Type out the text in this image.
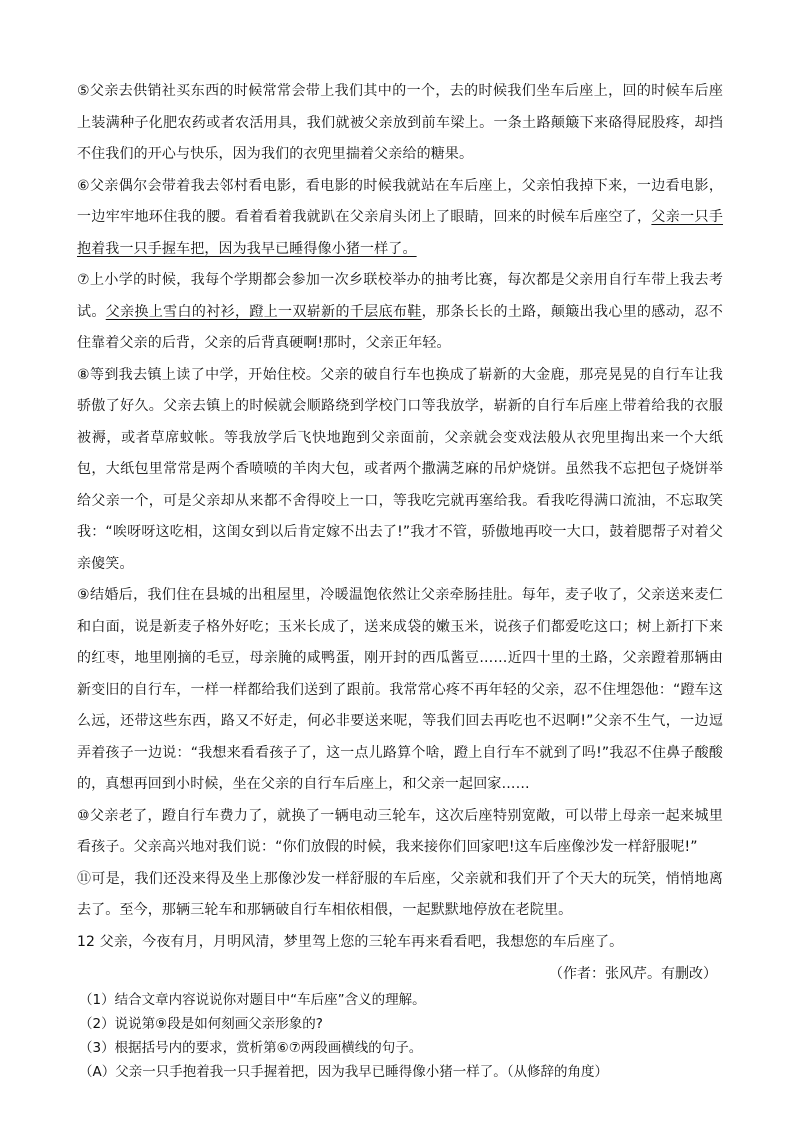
⑤父亲去供销社买东西的时候常常会带上我们其中的一个，去的时候我们坐车后座上，回的时候车后座上装满种子化肥农药或者农活用具，我们就被父亲放到前车梁上。一条土路颠簸下来硌得屁股疼，却挡不住我们的开心与快乐，因为我们的衣兜里揣着父亲给的糖果。

⑥父亲偶尔会带着我去邻村看电影，看电影的时候我就站在车后座上，父亲怕我掉下来，一边看电影，一边牢牢地环住我的腰。看着看着我就趴在父亲肩头闭上了眼睛，回来的时候车后座空了，父亲一只手抱着我一只手握车把，因为我早已睡得像小猪一样了。

⑦上小学的时候，我每个学期都会参加一次乡联校举办的抽考比赛，每次都是父亲用自行车带上我去考试。父亲换上雪白的衬衫，蹬上一双崭新的千层底布鞋，那条长长的土路，颠簸出我心里的感动，忍不住靠着父亲的后背，父亲的后背真硬啊!那时，父亲正年轻。

⑧等到我去镇上读了中学，开始住校。父亲的破自行车也换成了崭新的大金鹿，那亮晃晃的自行车让我骄傲了好久。父亲去镇上的时候就会顺路绕到学校门口等我放学，崭新的自行车后座上带着给我的衣服被褥，或者草席蚊帐。等我放学后飞快地跑到父亲面前，父亲就会变戏法般从衣兜里掏出来一个大纸包，大纸包里常常是两个香喷喷的羊肉大包，或者两个撒满芝麻的吊炉烧饼。虽然我不忘把包子烧饼举给父亲一个，可是父亲却从来都不舍得咬上一口，等我吃完就再塞给我。看我吃得满口流油，不忘取笑我：“唉呀呀这吃相，这闺女到以后肯定嫁不出去了!”我才不管，骄傲地再咬一大口，鼓着腮帮子对着父亲傻笑。

⑨结婚后，我们住在县城的出租屋里，冷暖温饱依然让父亲牵肠挂肚。每年，麦子收了，父亲送来麦仁和白面，说是新麦子格外好吃；玉米长成了，送来成袋的嫩玉米，说孩子们都爱吃这口；树上新打下来的红枣，地里刚摘的毛豆，母亲腌的咸鸭蛋，刚开封的西瓜酱豆……近四十里的土路，父亲蹬着那辆由新变旧的自行车，一样一样都给我们送到了跟前。我常常心疼不再年轻的父亲，忍不住埋怨他：“蹬车这么远，还带这些东西，路又不好走，何必非要送来呢，等我们回去再吃也不迟啊!”父亲不生气，一边逗弄着孩子一边说：“我想来看看孩子了，这一点儿路算个啥，蹬上自行车不就到了吗!”我忍不住鼻子酸酸的，真想再回到小时候，坐在父亲的自行车后座上，和父亲一起回家……

⑩父亲老了，蹬自行车费力了，就换了一辆电动三轮车，这次后座特别宽敞，可以带上母亲一起来城里看孩子。父亲高兴地对我们说：“你们放假的时候，我来接你们回家吧!这车后座像沙发一样舒服呢!”

⑪可是，我们还没来得及坐上那像沙发一样舒服的车后座，父亲就和我们开了个天大的玩笑，悄悄地离去了。至今，那辆三轮车和那辆破自行车相依相偎，一起默默地停放在老院里。

12 父亲，今夜有月，月明风清，梦里驾上您的三轮车再来看看吧，我想您的车后座了。

（作者：张风芹。有删改）

（1）结合文章内容说说你对题目中“车后座”含义的理解。

（2）说说第⑨段是如何刻画父亲形象的?

（3）根据括号内的要求，赏析第⑥⑦两段画横线的句子。

（A）父亲一只手抱着我一只手握着把，因为我早已睡得像小猪一样了。（从修辞的角度）
